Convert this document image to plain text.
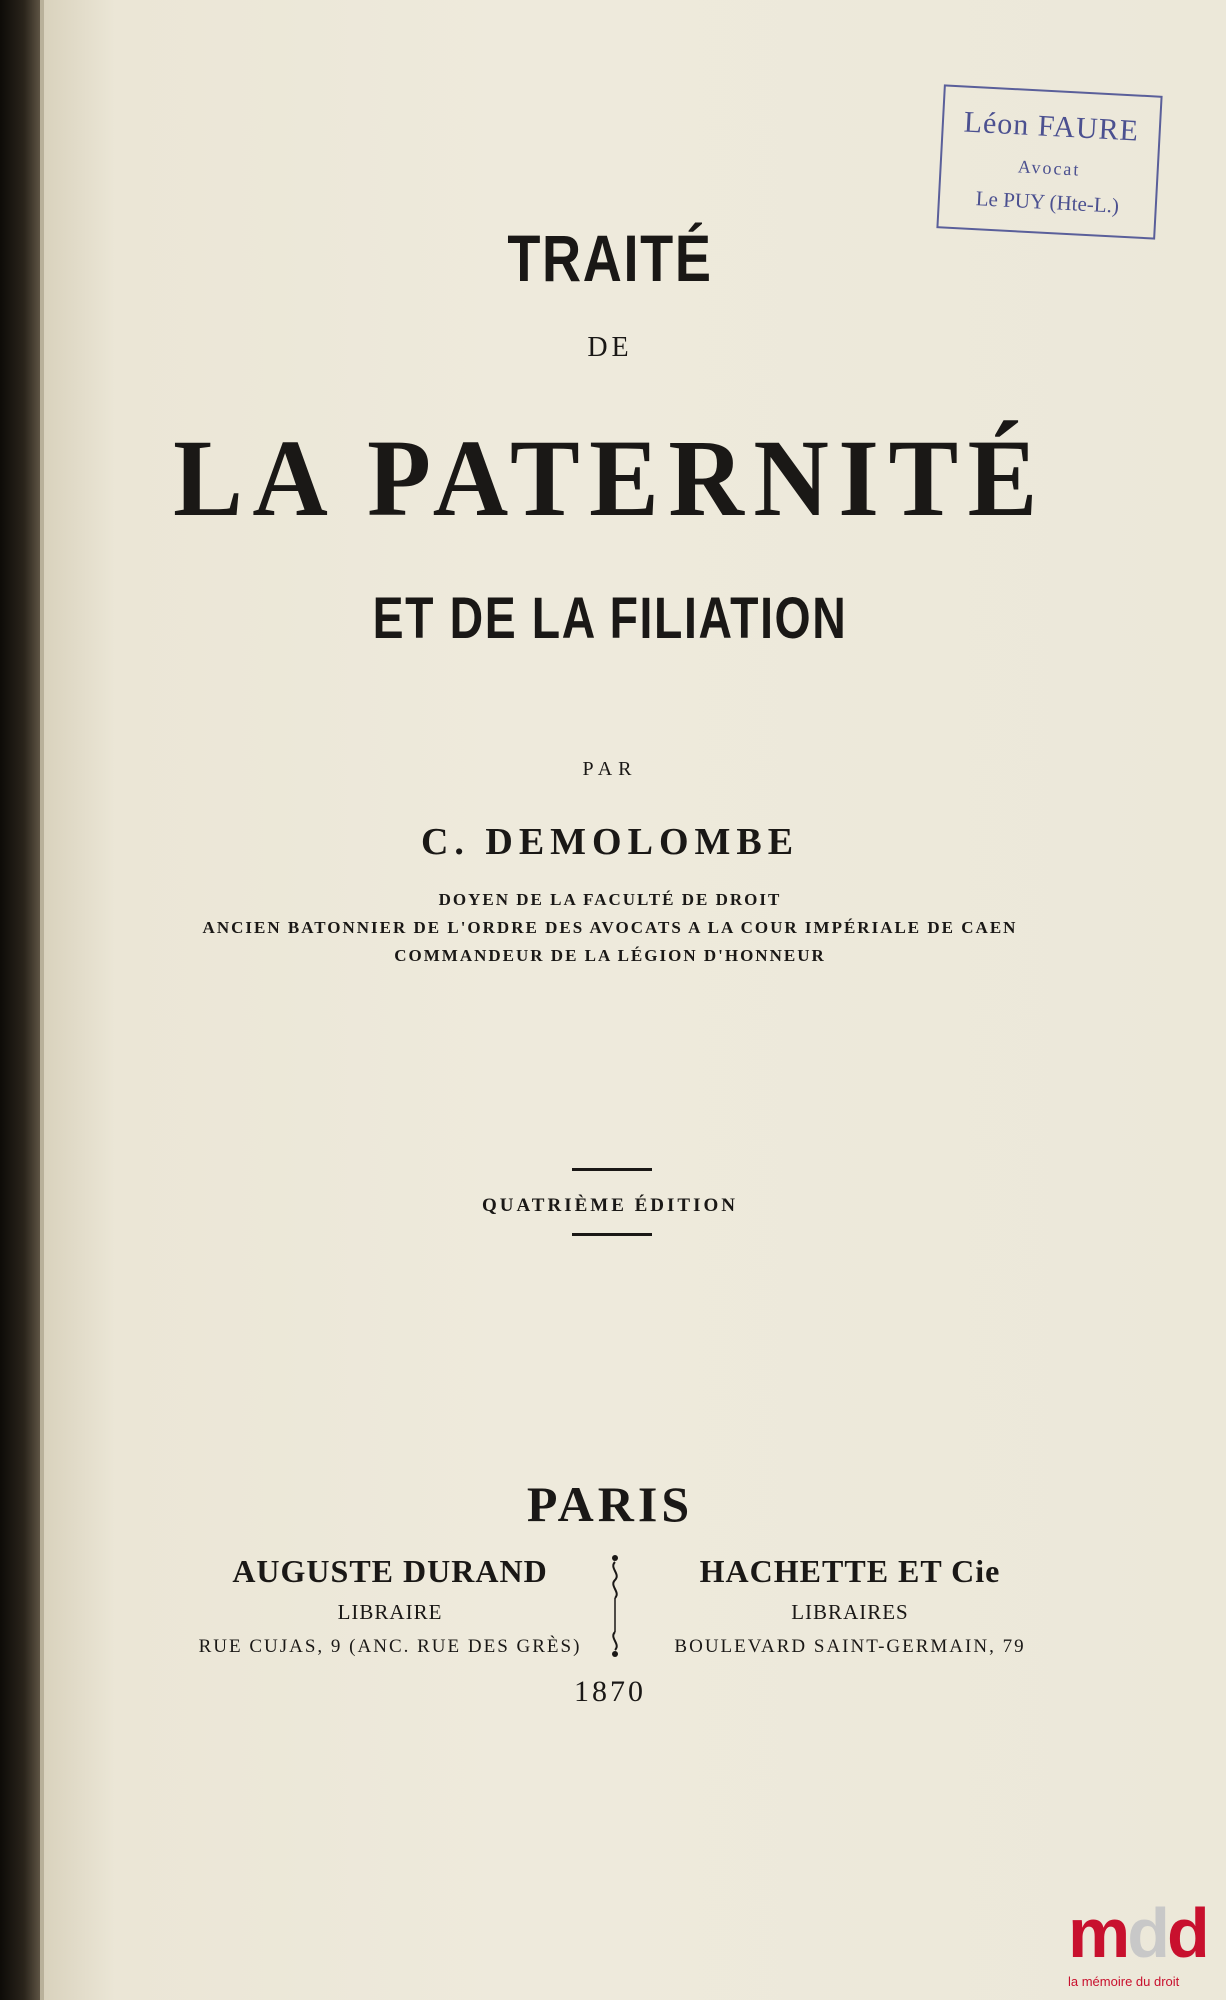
Léon FAURE
Avocat
Le PUY (Hte-L.)
TRAITÉ
DE
LA PATERNITÉ
ET DE LA FILIATION
PAR
C. DEMOLOMBE
DOYEN DE LA FACULTÉ DE DROIT
ANCIEN BATONNIER DE L'ORDRE DES AVOCATS A LA COUR IMPÉRIALE DE CAEN
COMMANDEUR DE LA LÉGION D'HONNEUR
QUATRIÈME ÉDITION
PARIS
AUGUSTE DURAND
LIBRAIRE
RUE CUJAS, 9 (ANC. RUE DES GRÈS)
HACHETTE ET Cie
LIBRAIRES
BOULEVARD SAINT-GERMAIN, 79
1870
mdd
la mémoire du droit
